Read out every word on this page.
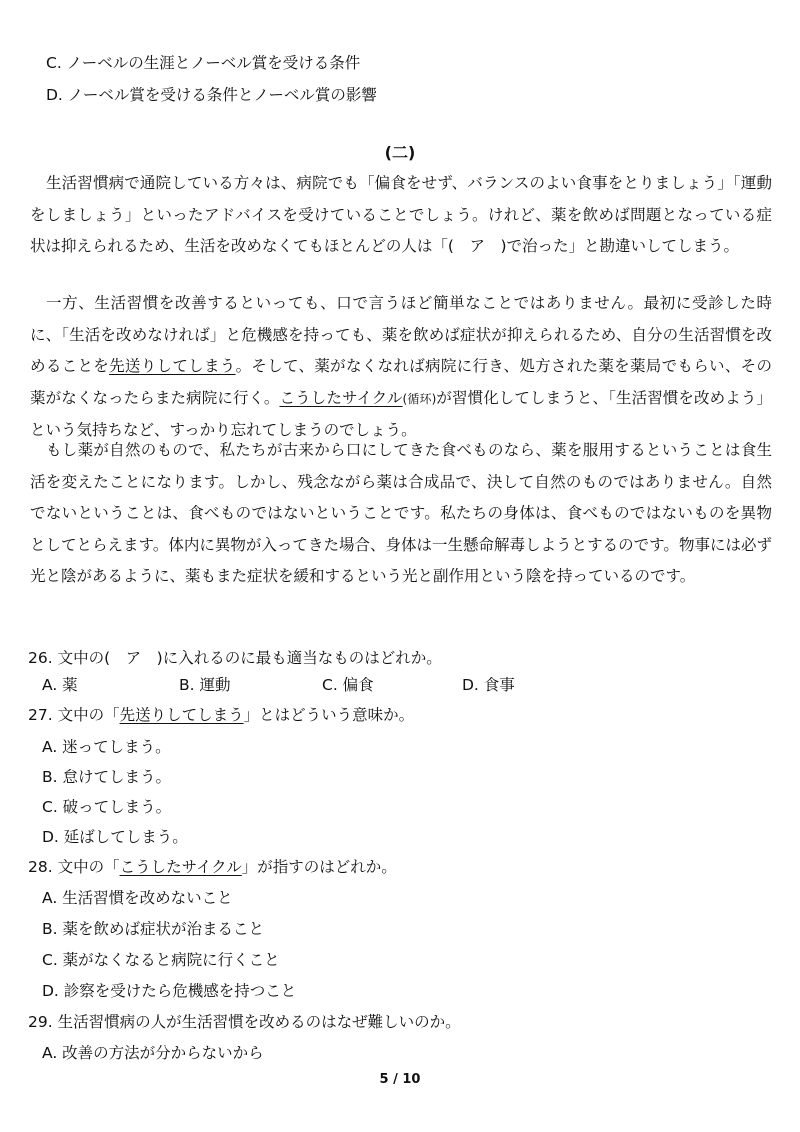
C. ノーベルの生涯とノーベル賞を受ける条件
D. ノーベル賞を受ける条件とノーベル賞の影響
(二)
生活習慣病で通院している方々は、病院でも「偏食をせず、バランスのよい食事をとりましょう」「運動をしましょう」といったアドバイスを受けていることでしょう。けれど、薬を飲めば問題となっている症状は抑えられるため、生活を改めなくてもほとんどの人は「(　ア　)で治った」と勘違いしてしまう。
一方、生活習慣を改善するといっても、口で言うほど簡単なことではありません。最初に受診した時に、「生活を改めなければ」と危機感を持っても、薬を飲めば症状が抑えられるため、自分の生活習慣を改めることを先送りしてしまう。そして、薬がなくなれば病院に行き、処方された薬を薬局でもらい、その薬がなくなったらまた病院に行く。こうしたサイクル(循环)が習慣化してしまうと、「生活習慣を改めよう」という気持ちなど、すっかり忘れてしまうのでしょう。
もし薬が自然のもので、私たちが古来から口にしてきた食べものなら、薬を服用するということは食生活を変えたことになります。しかし、残念ながら薬は合成品で、決して自然のものではありません。自然でないということは、食べものではないということです。私たちの身体は、食べものではないものを異物としてとらえます。体内に異物が入ってきた場合、身体は一生懸命解毒しようとするのです。物事には必ず光と陰があるように、薬もまた症状を緩和するという光と副作用という陰を持っているのです。
26. 文中の(　ア　)に入れるのに最も適当なものはどれか。
A. 薬	B. 運動	C. 偏食	D. 食事
27. 文中の「先送りしてしまう」とはどういう意味か。
A. 迷ってしまう。
B. 怠けてしまう。
C. 破ってしまう。
D. 延ばしてしまう。
28. 文中の「こうしたサイクル」が指すのはどれか。
A. 生活習慣を改めないこと
B. 薬を飲めば症状が治まること
C. 薬がなくなると病院に行くこと
D. 診察を受けたら危機感を持つこと
29. 生活習慣病の人が生活習慣を改めるのはなぜ難しいのか。
A. 改善の方法が分からないから
5 / 10
